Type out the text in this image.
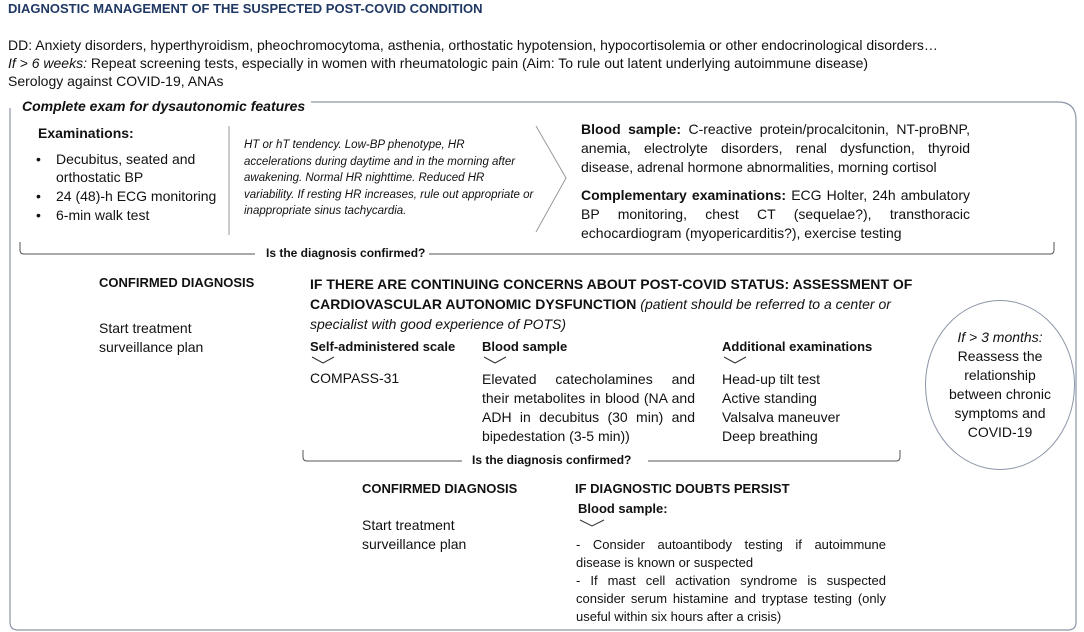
DIAGNOSTIC MANAGEMENT OF THE SUSPECTED POST-COVID CONDITION
DD: Anxiety disorders, hyperthyroidism, pheochromocytoma, asthenia, orthostatic hypotension, hypocortisolemia or other endocrinological disorders…
If > 6 weeks: Repeat screening tests, especially in women with rheumatologic pain (Aim: To rule out latent underlying autoimmune disease)
Serology against COVID-19, ANAs
Complete exam for dysautonomic features
Examinations:
• Decubitus, seated and orthostatic BP
• 24 (48)-h ECG monitoring
• 6-min walk test
HT or hT tendency. Low-BP phenotype, HR accelerations during daytime and in the morning after awakening. Normal HR nighttime. Reduced HR variability. If resting HR increases, rule out appropriate or inappropriate sinus tachycardia.
Blood sample: C-reactive protein/procalcitonin, NT-proBNP, anemia, electrolyte disorders, renal dysfunction, thyroid disease, adrenal hormone abnormalities, morning cortisol
Complementary examinations: ECG Holter, 24h ambulatory BP monitoring, chest CT (sequelae?), transthoracic echocardiogram (myopericarditis?), exercise testing
Is the diagnosis confirmed?
CONFIRMED DIAGNOSIS
Start treatment surveillance plan
IF THERE ARE CONTINUING CONCERNS ABOUT POST-COVID STATUS: ASSESSMENT OF CARDIOVASCULAR AUTONOMIC DYSFUNCTION (patient should be referred to a center or specialist with good experience of POTS)
Self-administered scale
COMPASS-31
Blood sample
Elevated catecholamines and their metabolites in blood (NA and ADH in decubitus (30 min) and bipedestation (3-5 min))
Additional examinations
Head-up tilt test
Active standing
Valsalva maneuver
Deep breathing
Is the diagnosis confirmed?
CONFIRMED DIAGNOSIS
Start treatment surveillance plan
IF DIAGNOSTIC DOUBTS PERSIST
Blood sample:
- Consider autoantibody testing if autoimmune disease is known or suspected
- If mast cell activation syndrome is suspected consider serum histamine and tryptase testing (only useful within six hours after a crisis)
If > 3 months:
Reassess the relationship between chronic symptoms and COVID-19
